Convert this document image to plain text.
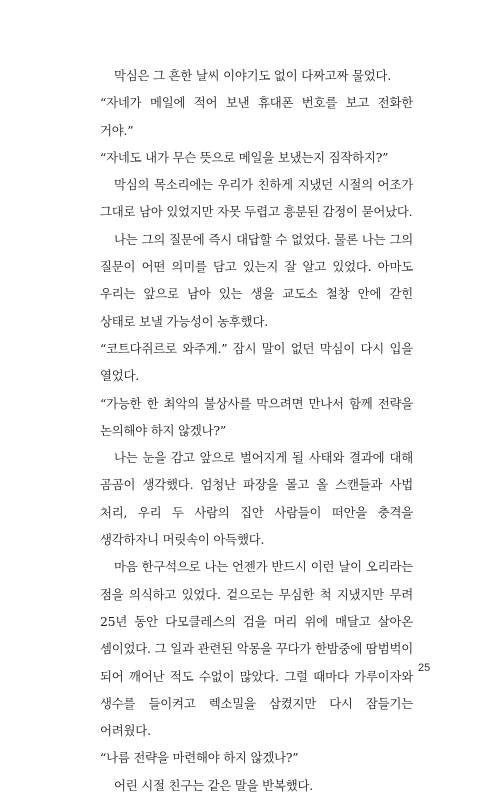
막심은 그 흔한 날씨 이야기도 없이 다짜고짜 물었다.

“자네가 메일에 적어 보낸 휴대폰 번호를 보고 전화한 거야.”

“자네도 내가 무슨 뜻으로 메일을 보냈는지 짐작하지?”

막심의 목소리에는 우리가 친하게 지냈던 시절의 어조가 그대로 남아 있었지만 자못 두렵고 흥분된 감정이 묻어났다.

나는 그의 질문에 즉시 대답할 수 없었다. 물론 나는 그의 질문이 어떤 의미를 담고 있는지 잘 알고 있었다. 아마도 우리는 앞으로 남아 있는 생을 교도소 철창 안에 갇힌 상태로 보낼 가능성이 농후했다.

“코트다쥐르로 와주게.” 잠시 말이 없던 막심이 다시 입을 열었다.

“가능한 한 최악의 불상사를 막으려면 만나서 함께 전략을 논의해야 하지 않겠나?”

나는 눈을 감고 앞으로 벌어지게 될 사태와 결과에 대해 곰곰이 생각했다. 엄청난 파장을 몰고 올 스캔들과 사법 처리, 우리 두 사람의 집안 사람들이 떠안을 충격을 생각하자니 머릿속이 아득했다.

마음 한구석으로 나는 언젠가 반드시 이런 날이 오리라는 점을 의식하고 있었다. 겉으로는 무심한 척 지냈지만 무려 25년 동안 다모클레스의 검을 머리 위에 매달고 살아온 셈이었다. 그 일과 관련된 악몽을 꾸다가 한밤중에 땀범벅이 되어 깨어난 적도 수없이 많았다. 그럴 때마다 가루이자와 생수를 들이켜고 렉소밀을 삼켰지만 다시 잠들기는 어려웠다.

“나름 전략을 마련해야 하지 않겠나?”

어린 시절 친구는 같은 말을 반복했다.

25
